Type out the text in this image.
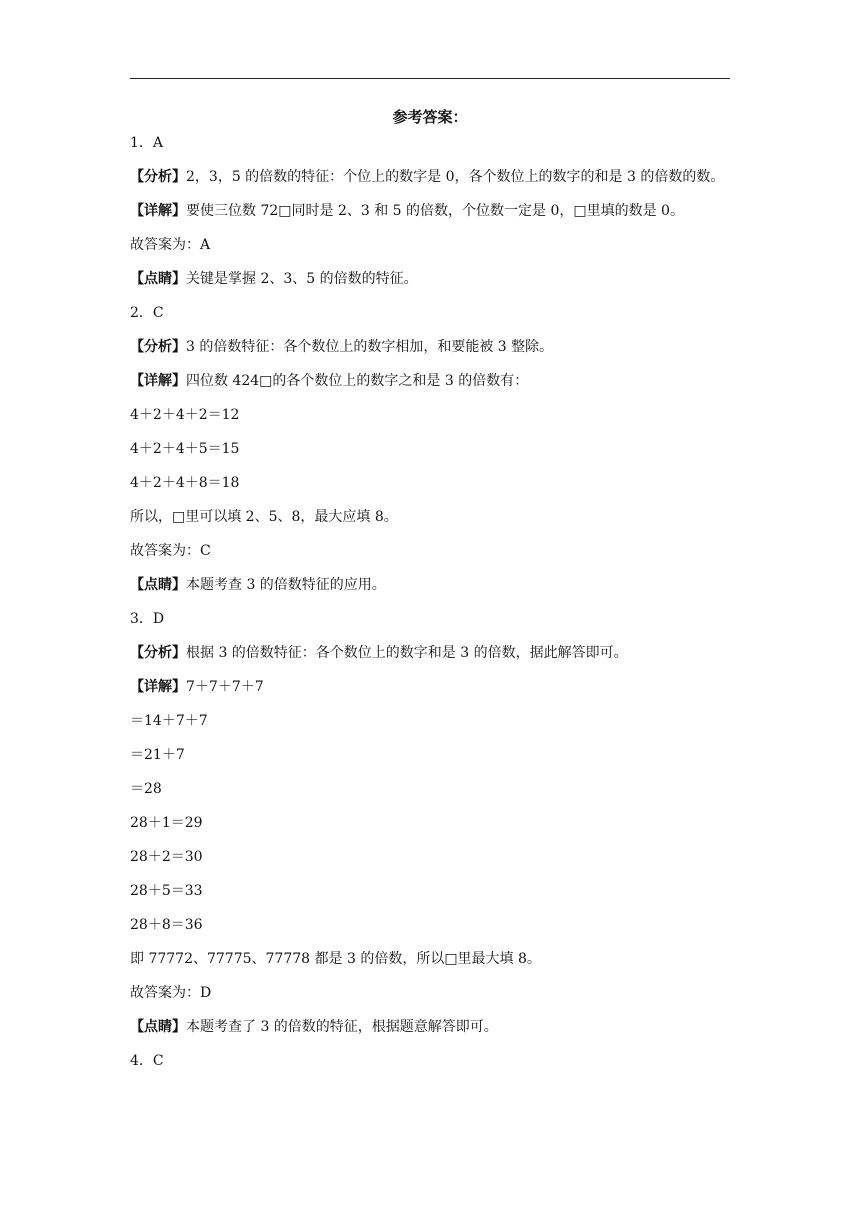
参考答案：
1．A
【分析】2，3，5 的倍数的特征：个位上的数字是 0，各个数位上的数字的和是 3 的倍数的数。
【详解】要使三位数 72□同时是 2、3 和 5 的倍数，个位数一定是 0，□里填的数是 0。
故答案为：A
【点睛】关键是掌握 2、3、5 的倍数的特征。
2．C
【分析】3 的倍数特征：各个数位上的数字相加，和要能被 3 整除。
【详解】四位数 424□的各个数位上的数字之和是 3 的倍数有：
4＋2＋4＋2＝12
4＋2＋4＋5＝15
4＋2＋4＋8＝18
所以，□里可以填 2、5、8，最大应填 8。
故答案为：C
【点睛】本题考查 3 的倍数特征的应用。
3．D
【分析】根据 3 的倍数特征：各个数位上的数字和是 3 的倍数，据此解答即可。
【详解】7＋7＋7＋7
＝14＋7＋7
＝21＋7
＝28
28＋1＝29
28＋2＝30
28＋5＝33
28＋8＝36
即 77772、77775、77778 都是 3 的倍数，所以□里最大填 8。
故答案为：D
【点睛】本题考查了 3 的倍数的特征，根据题意解答即可。
4．C
